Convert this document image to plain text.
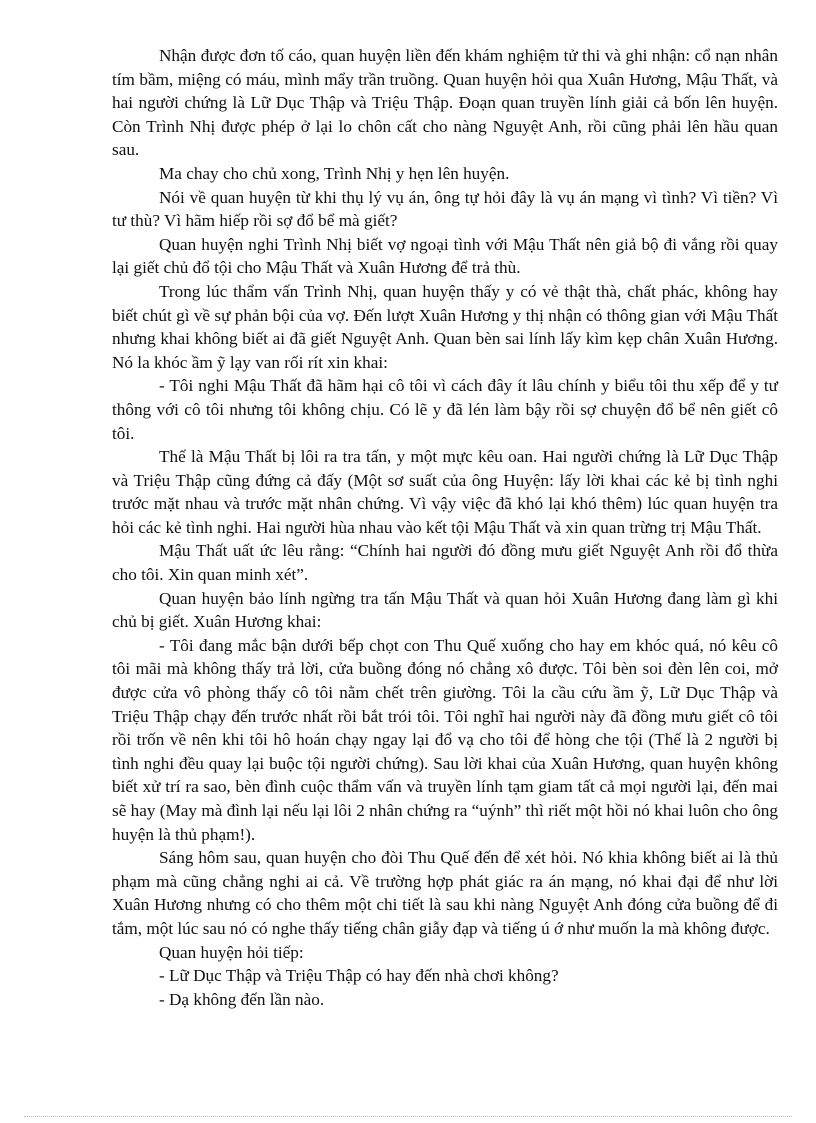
Nhận được đơn tố cáo, quan huyện liền đến khám nghiệm tử thi và ghi nhận: cổ nạn nhân tím bầm, miệng có máu, mình mẩy trần truồng. Quan huyện hỏi qua Xuân Hương, Mậu Thất, và hai người chứng là Lữ Dục Thập và Triệu Thập. Đoạn quan truyền lính giải cả bốn lên huyện. Còn Trình Nhị được phép ở lại lo chôn cất cho nàng Nguyệt Anh, rồi cũng phải lên hầu quan sau.

Ma chay cho chủ xong, Trình Nhị y hẹn lên huyện.

Nói về quan huyện từ khi thụ lý vụ án, ông tự hỏi đây là vụ án mạng vì tình? Vì tiền? Vì tư thù? Vì hãm hiếp rồi sợ đổ bể mà giết?

Quan huyện nghi Trình Nhị biết vợ ngoại tình với Mậu Thất nên giả bộ đi vắng rồi quay lại giết chủ đổ tội cho Mậu Thất và Xuân Hương để trả thù.

Trong lúc thẩm vấn Trình Nhị, quan huyện thấy y có vẻ thật thà, chất phác, không hay biết chút gì về sự phản bội của vợ. Đến lượt Xuân Hương y thị nhận có thông gian với Mậu Thất nhưng khai không biết ai đã giết Nguyệt Anh. Quan bèn sai lính lấy kìm kẹp chân Xuân Hương. Nó la khóc ầm ỹ lạy van rối rít xin khai:

- Tôi nghi Mậu Thất đã hãm hại cô tôi vì cách đây ít lâu chính y biểu tôi thu xếp để y tư thông với cô tôi nhưng tôi không chịu. Có lẽ y đã lén làm bậy rồi sợ chuyện đổ bể nên giết cô tôi.

Thế là Mậu Thất bị lôi ra tra tấn, y một mực kêu oan. Hai người chứng là Lữ Dục Thập và Triệu Thập cũng đứng cả đấy (Một sơ suất của ông Huyện: lấy lời khai các kẻ bị tình nghi trước mặt nhau và trước mặt nhân chứng. Vì vậy việc đã khó lại khó thêm) lúc quan huyện tra hỏi các kẻ tình nghi. Hai người hùa nhau vào kết tội Mậu Thất và xin quan trừng trị Mậu Thất.

Mậu Thất uất ức lêu rằng: “Chính hai người đó đồng mưu giết Nguyệt Anh rồi đổ thừa cho tôi. Xin quan minh xét”.

Quan huyện bảo lính ngừng tra tấn Mậu Thất và quan hỏi Xuân Hương đang làm gì khi chủ bị giết. Xuân Hương khai:

- Tôi đang mắc bận dưới bếp chọt con Thu Quế xuống cho hay em khóc quá, nó kêu cô tôi mãi mà không thấy trả lời, cửa buồng đóng nó chẳng xô được. Tôi bèn soi đèn lên coi, mở được cửa vô phòng thấy cô tôi nằm chết trên giường. Tôi la cầu cứu ầm ỹ, Lữ Dục Thập và Triệu Thập chạy đến trước nhất rồi bắt trói tôi. Tôi nghĩ hai người này đã đồng mưu giết cô tôi rồi trốn về nên khi tôi hô hoán chạy ngay lại đổ vạ cho tôi để hòng che tội (Thế là 2 người bị tình nghi đều quay lại buộc tội người chứng). Sau lời khai của Xuân Hương, quan huyện không biết xử trí ra sao, bèn đình cuộc thẩm vấn và truyền lính tạm giam tất cả mọi người lại, đến mai sẽ hay (May mà đình lại nếu lại lôi 2 nhân chứng ra “uýnh” thì riết một hồi nó khai luôn cho ông huyện là thủ phạm!).

Sáng hôm sau, quan huyện cho đòi Thu Quế đến để xét hỏi. Nó khia không biết ai là thủ phạm mà cũng chẳng nghi ai cả. Về trường hợp phát giác ra án mạng, nó khai đại để như lời Xuân Hương nhưng có cho thêm một chi tiết là sau khi nàng Nguyệt Anh đóng cửa buồng để đi tắm, một lúc sau nó có nghe thấy tiếng chân giẫy đạp và tiếng ú ớ như muốn la mà không được.

Quan huyện hỏi tiếp:

- Lữ Dục Thập và Triệu Thập có hay đến nhà chơi không?

- Dạ không đến lần nào.
